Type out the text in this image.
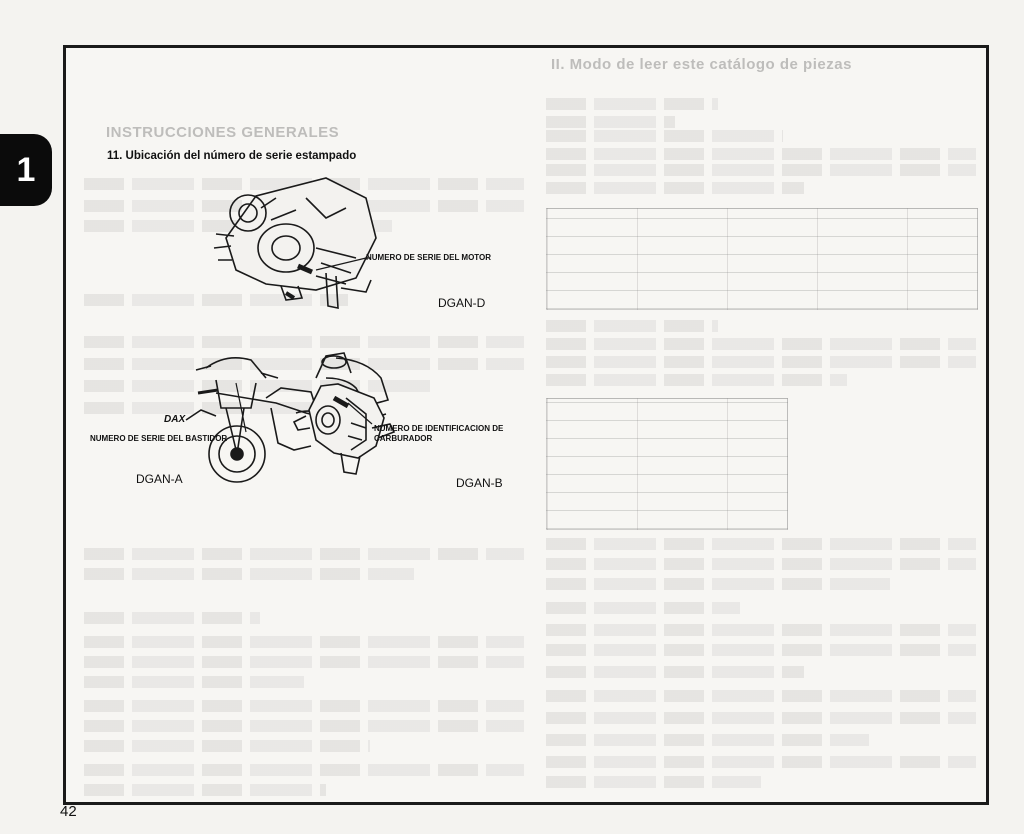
1
INSTRUCCIONES GENERALES
II. Modo de leer este catálogo de piezas
11. Ubicación del número de serie estampado
DAX
NUMERO DE SERIE DEL MOTOR
DGAN-D
NUMERO DE SERIE DEL BASTIDOR
DGAN-A
NUMERO DE IDENTIFICACION DE
CARBURADOR
DGAN-B
42
